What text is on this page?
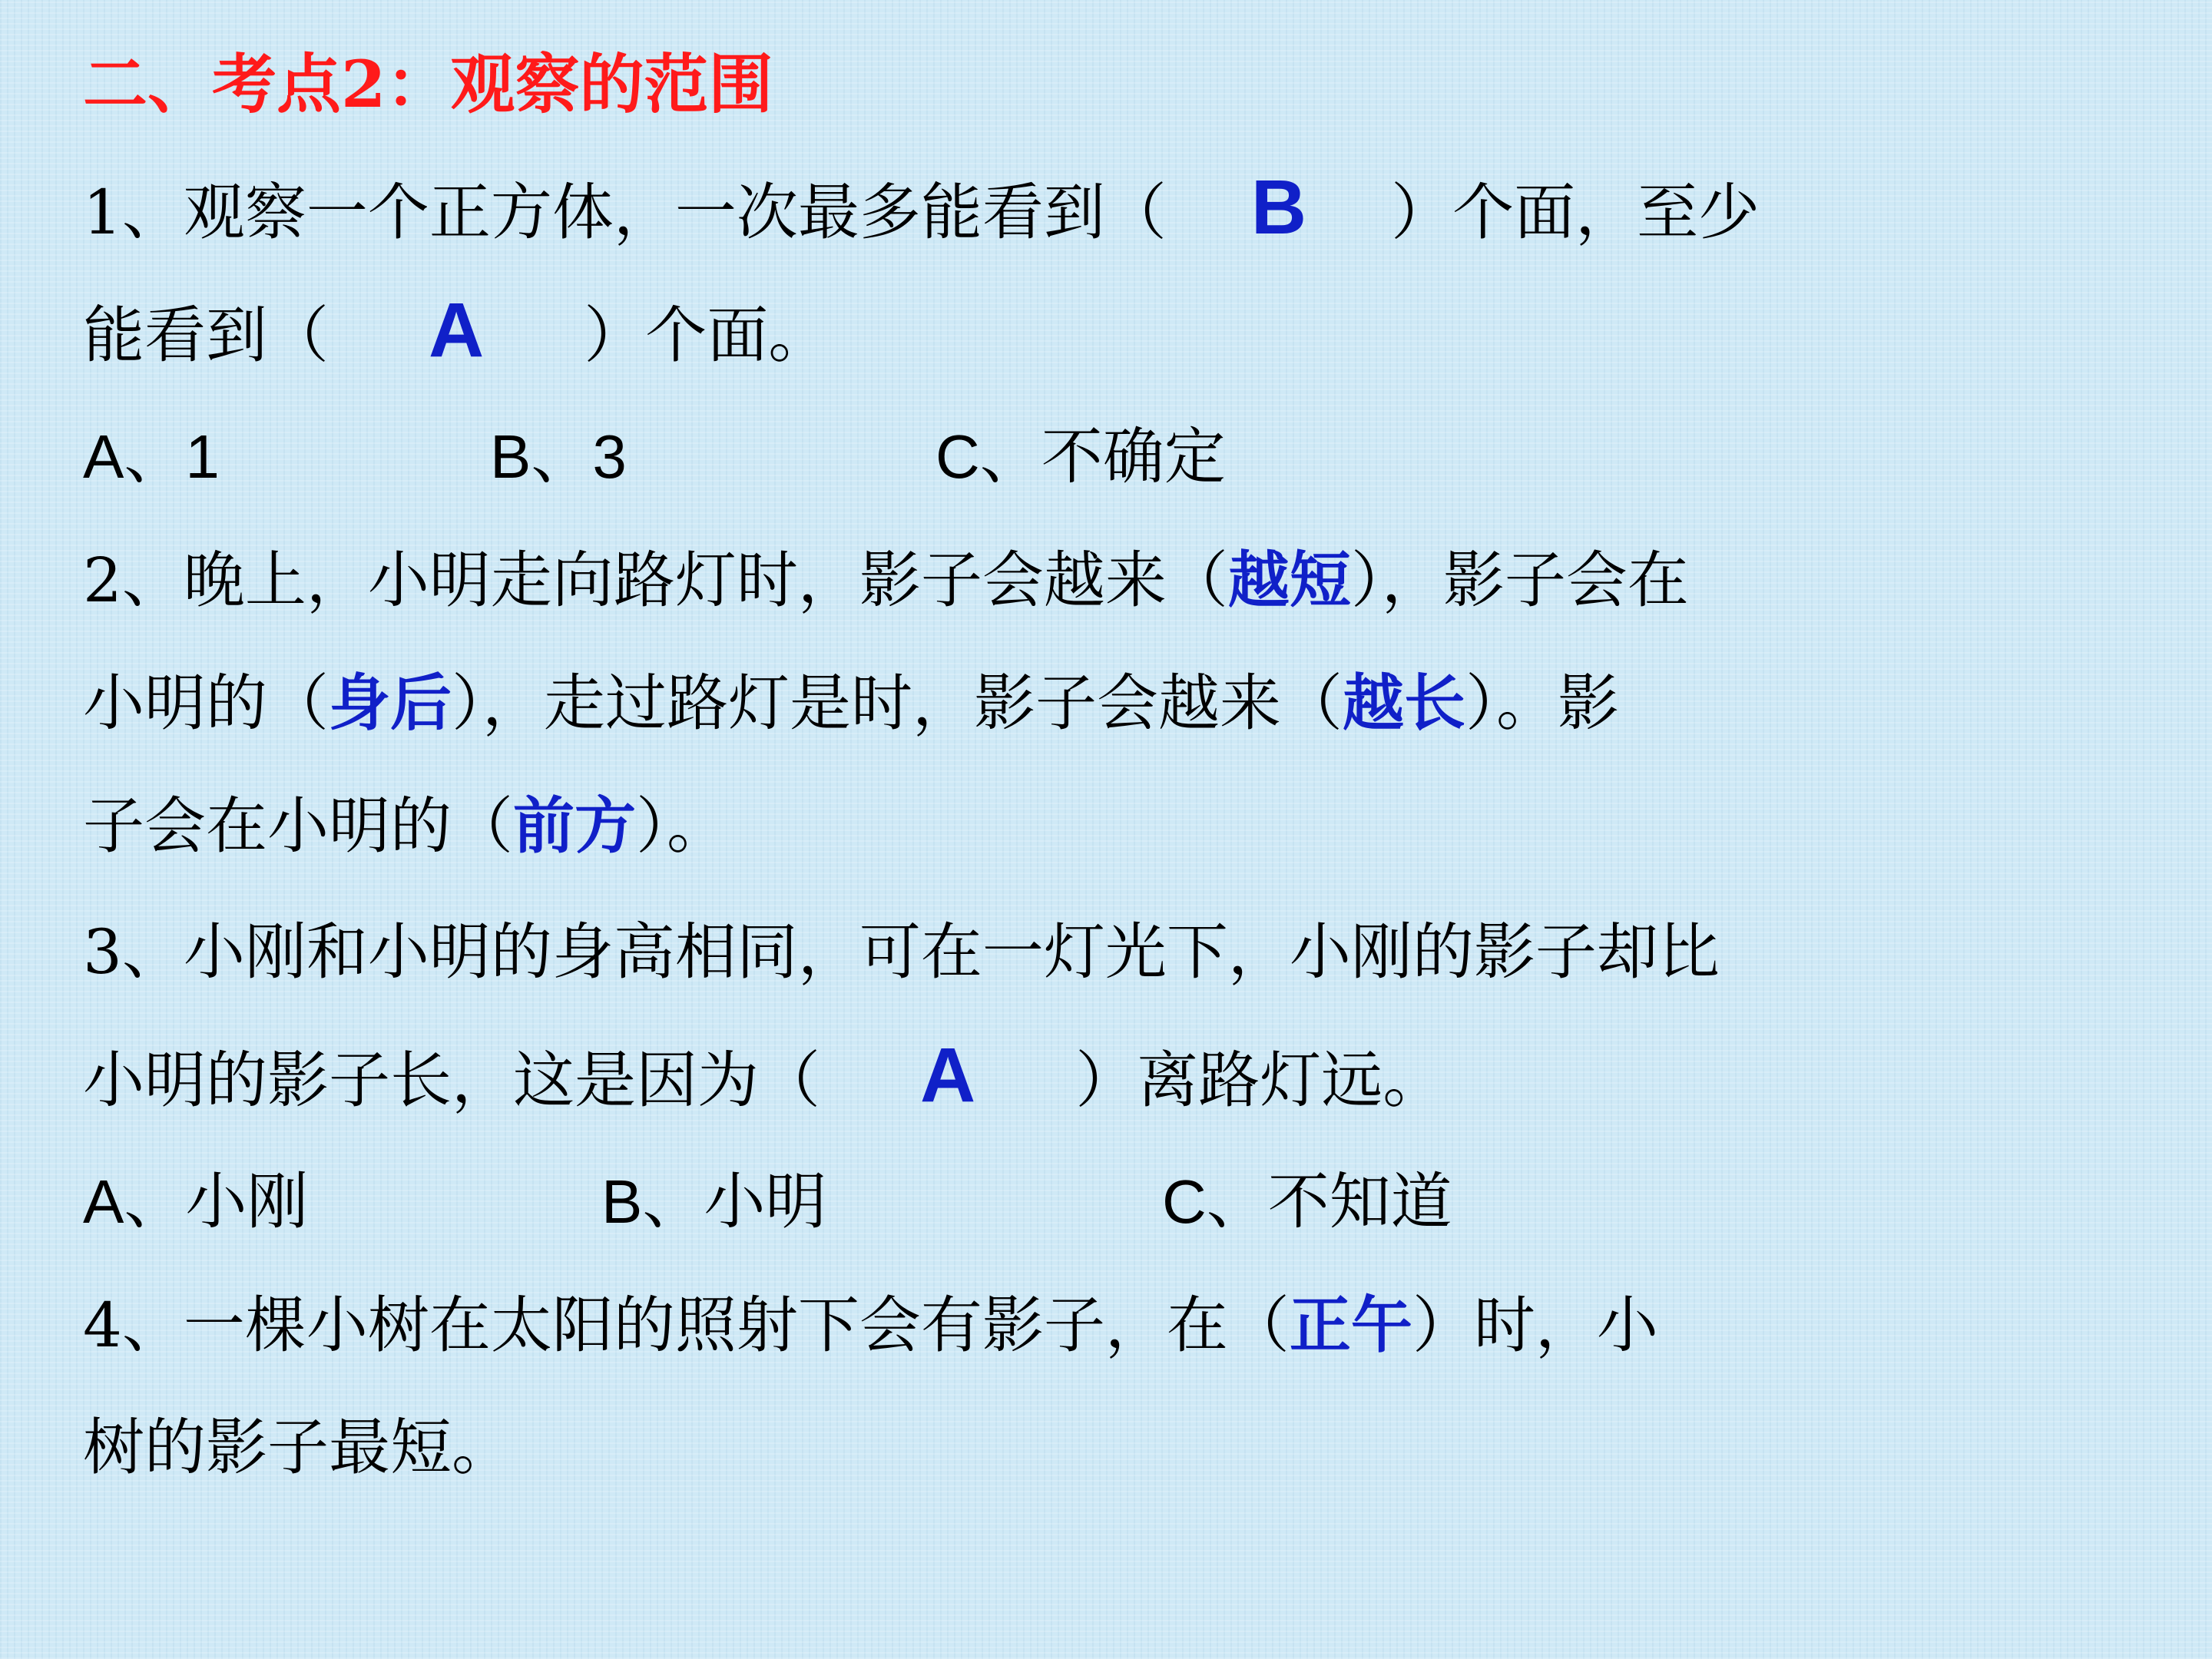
二、考点2：观察的范围
1、观察一个正方体，一次最多能看到（ B ）个面，至少
能看到（ A ）个面。
A、1	B、3	C、不确定
2、晚上，小明走向路灯时，影子会越来（越短），影子会在
小明的（身后），走过路灯是时，影子会越来（越长）。影
子会在小明的（前方）。
3、小刚和小明的身高相同，可在一灯光下，小刚的影子却比
小明的影子长，这是因为（ A ）离路灯远。
A、小刚	B、小明	C、不知道
4、一棵小树在太阳的照射下会有影子，在（正午）时，小
树的影子最短。
